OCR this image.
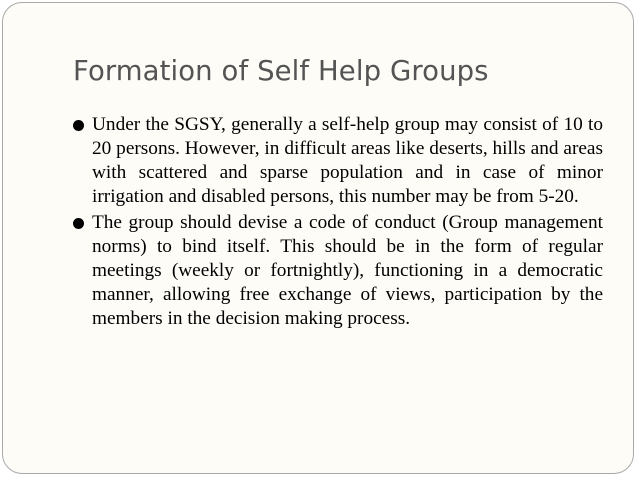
Formation of Self Help Groups
Under the SGSY, generally a self-help group may consist of 10 to 20 persons. However, in difficult areas like deserts, hills and areas with scattered and sparse population and in case of minor irrigation and disabled persons, this number may be from 5-20.
The group should devise a code of conduct (Group management norms) to bind itself. This should be in the form of regular meetings (weekly or fortnightly), functioning in a democratic manner, allowing free exchange of views, participation by the members in the decision making process.
